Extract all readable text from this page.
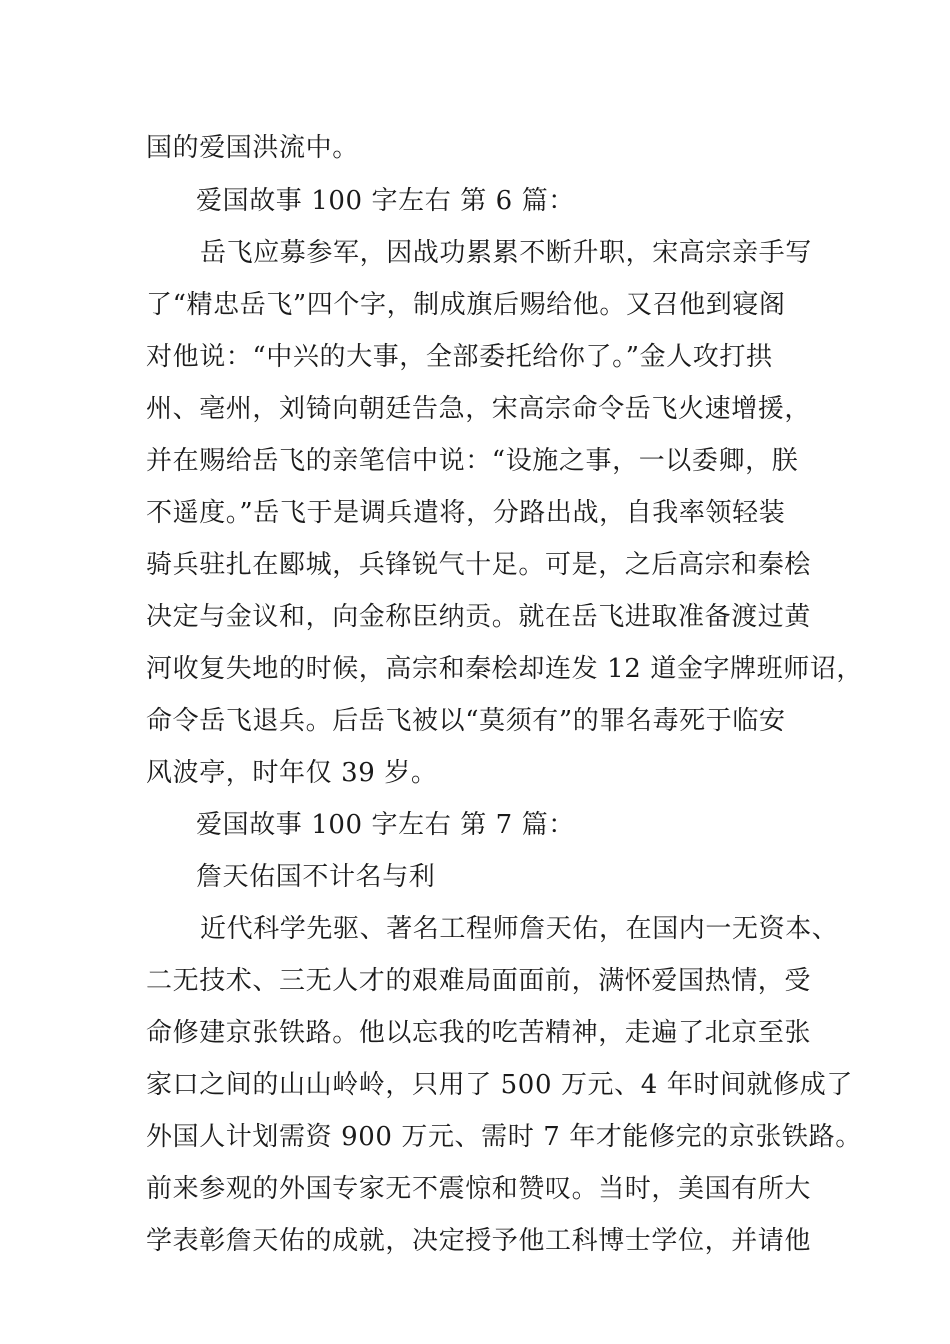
国的爱国洪流中。
爱国故事 100 字左右 第 6 篇：
岳飞应募参军，因战功累累不断升职，宋高宗亲手写
了“精忠岳飞”四个字，制成旗后赐给他。又召他到寝阁
对他说：“中兴的大事，全部委托给你了。”金人攻打拱
州、亳州，刘锜向朝廷告急，宋高宗命令岳飞火速增援，
并在赐给岳飞的亲笔信中说：“设施之事，一以委卿，朕
不遥度。”岳飞于是调兵遣将，分路出战，自我率领轻装
骑兵驻扎在郾城，兵锋锐气十足。可是，之后高宗和秦桧
决定与金议和，向金称臣纳贡。就在岳飞进取准备渡过黄
河收复失地的时候，高宗和秦桧却连发 12 道金字牌班师诏，
命令岳飞退兵。后岳飞被以“莫须有”的罪名毒死于临安
风波亭，时年仅 39 岁。
爱国故事 100 字左右 第 7 篇：
詹天佑国不计名与利
近代科学先驱、著名工程师詹天佑，在国内一无资本、
二无技术、三无人才的艰难局面面前，满怀爱国热情，受
命修建京张铁路。他以忘我的吃苦精神，走遍了北京至张
家口之间的山山岭岭，只用了 500 万元、4 年时间就修成了
外国人计划需资 900 万元、需时 7 年才能修完的京张铁路。
前来参观的外国专家无不震惊和赞叹。当时，美国有所大
学表彰詹天佑的成就，决定授予他工科博士学位，并请他
